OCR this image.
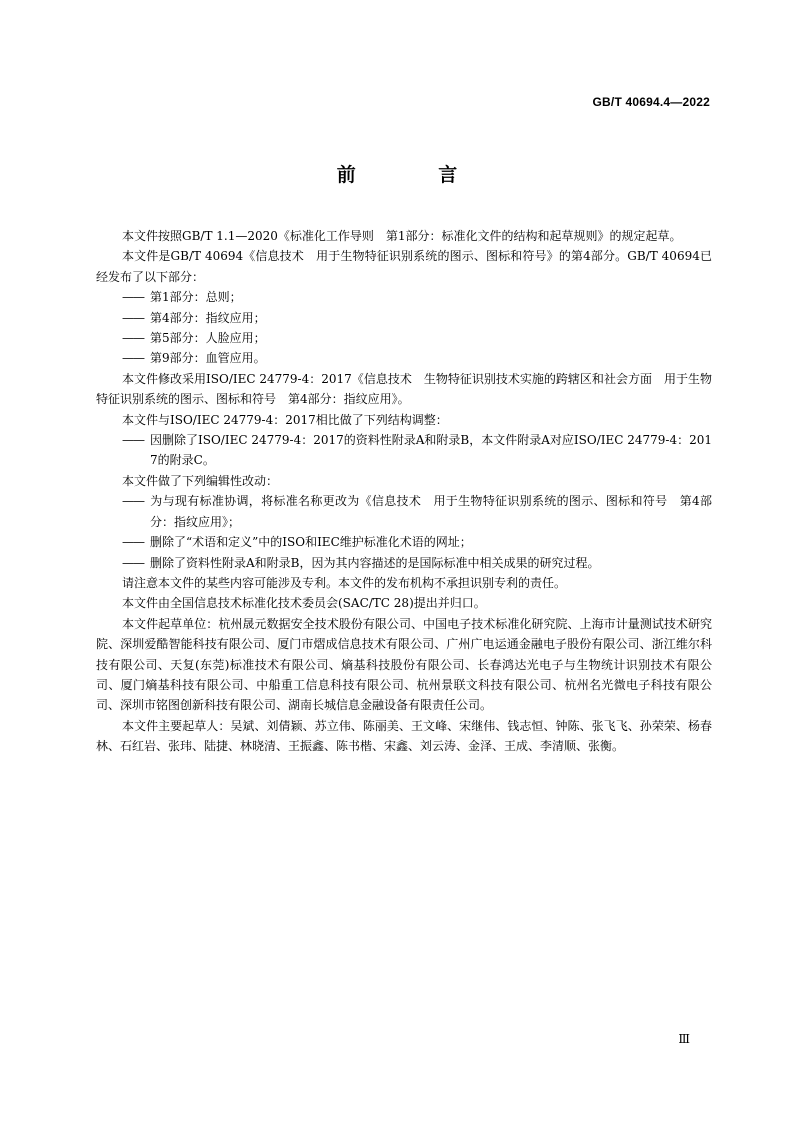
GB/T 40694.4—2022
前 言

本文件按照GB/T 1.1—2020《标准化工作导则　第1部分：标准化文件的结构和起草规则》的规定起草。

本文件是GB/T 40694《信息技术　用于生物特征识别系统的图示、图标和符号》的第4部分。GB/T 40694已经发布了以下部分：

—— 第1部分：总则；

—— 第4部分：指纹应用；

—— 第5部分：人脸应用；

—— 第9部分：血管应用。

本文件修改采用ISO/IEC 24779-4：2017《信息技术　生物特征识别技术实施的跨辖区和社会方面　用于生物特征识别系统的图示、图标和符号　第4部分：指纹应用》。

本文件与ISO/IEC 24779-4：2017相比做了下列结构调整：

—— 因删除了ISO/IEC 24779-4：2017的资料性附录A和附录B，本文件附录A对应ISO/IEC 24779-4：2017的附录C。

本文件做了下列编辑性改动：

—— 为与现有标准协调，将标准名称更改为《信息技术　用于生物特征识别系统的图示、图标和符号　第4部分：指纹应用》；

—— 删除了“术语和定义”中的ISO和IEC维护标准化术语的网址；

—— 删除了资料性附录A和附录B，因为其内容描述的是国际标准中相关成果的研究过程。

请注意本文件的某些内容可能涉及专利。本文件的发布机构不承担识别专利的责任。

本文件由全国信息技术标准化技术委员会(SAC/TC 28)提出并归口。

本文件起草单位：杭州晟元数据安全技术股份有限公司、中国电子技术标准化研究院、上海市计量测试技术研究院、深圳爱酷智能科技有限公司、厦门市熠成信息技术有限公司、广州广电运通金融电子股份有限公司、浙江维尔科技有限公司、天复(东莞)标准技术有限公司、熵基科技股份有限公司、长春鸿达光电子与生物统计识别技术有限公司、厦门熵基科技有限公司、中船重工信息科技有限公司、杭州景联文科技有限公司、杭州名光微电子科技有限公司、深圳市铭图创新科技有限公司、湖南长城信息金融设备有限责任公司。

本文件主要起草人：吴斌、刘倩颖、苏立伟、陈丽美、王文峰、宋继伟、钱志恒、钟陈、张飞飞、孙荣荣、杨春林、石红岩、张玮、陆捷、林晓清、王振鑫、陈书楷、宋鑫、刘云涛、金泽、王成、李清顺、张衡。

Ⅲ
